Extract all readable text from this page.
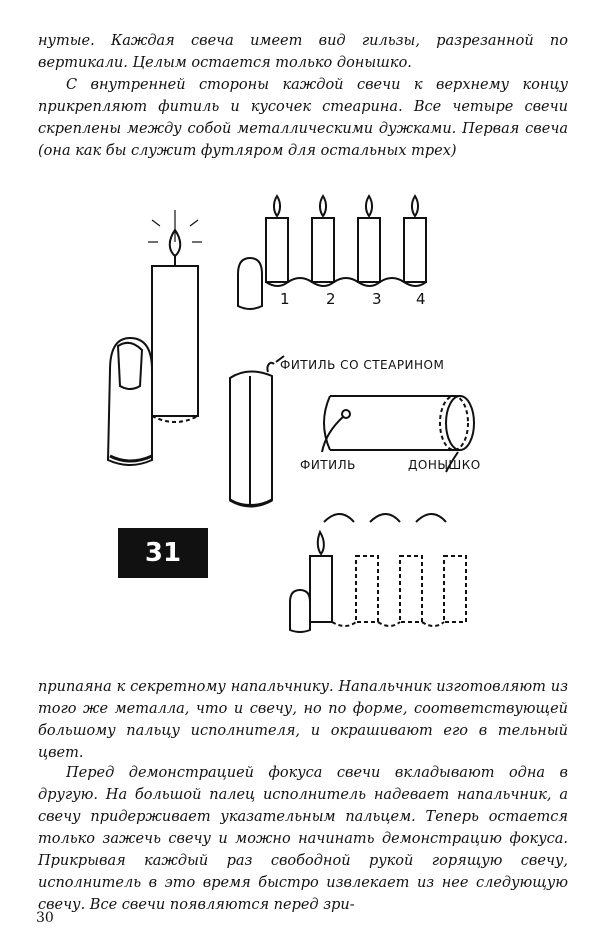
нутые. Каждая свеча имеет вид гильзы, разрезанной по вертикали. Целым остается только донышко.

С внутренней стороны каждой свечи к верхнему концу прикрепляют фитиль и кусочек стеарина. Все четыре свечи скреплены между собой металлическими дужками. Первая свеча (она как бы служит футляром для остальных трех)

ФИТИЛЬ СО СТЕАРИНОМ
ФИТИЛЬ	ДОНЫШКО
1 2 3 4
31

припаяна к секретному напальчнику. Напальчник изготовляют из того же металла, что и свечу, но по форме, соответствующей большому пальцу исполнителя, и окрашивают его в тельный цвет.

Перед демонстрацией фокуса свечи вкладывают одна в другую. На большой палец исполнитель надевает напальчник, а свечу придерживает указательным пальцем. Теперь остается только зажечь свечу и можно начинать демонстрацию фокуса. Прикрывая каждый раз свободной рукой горящую свечу, исполнитель в это время быстро извлекает из нее следующую свечу. Все свечи появляются перед зри-

30
